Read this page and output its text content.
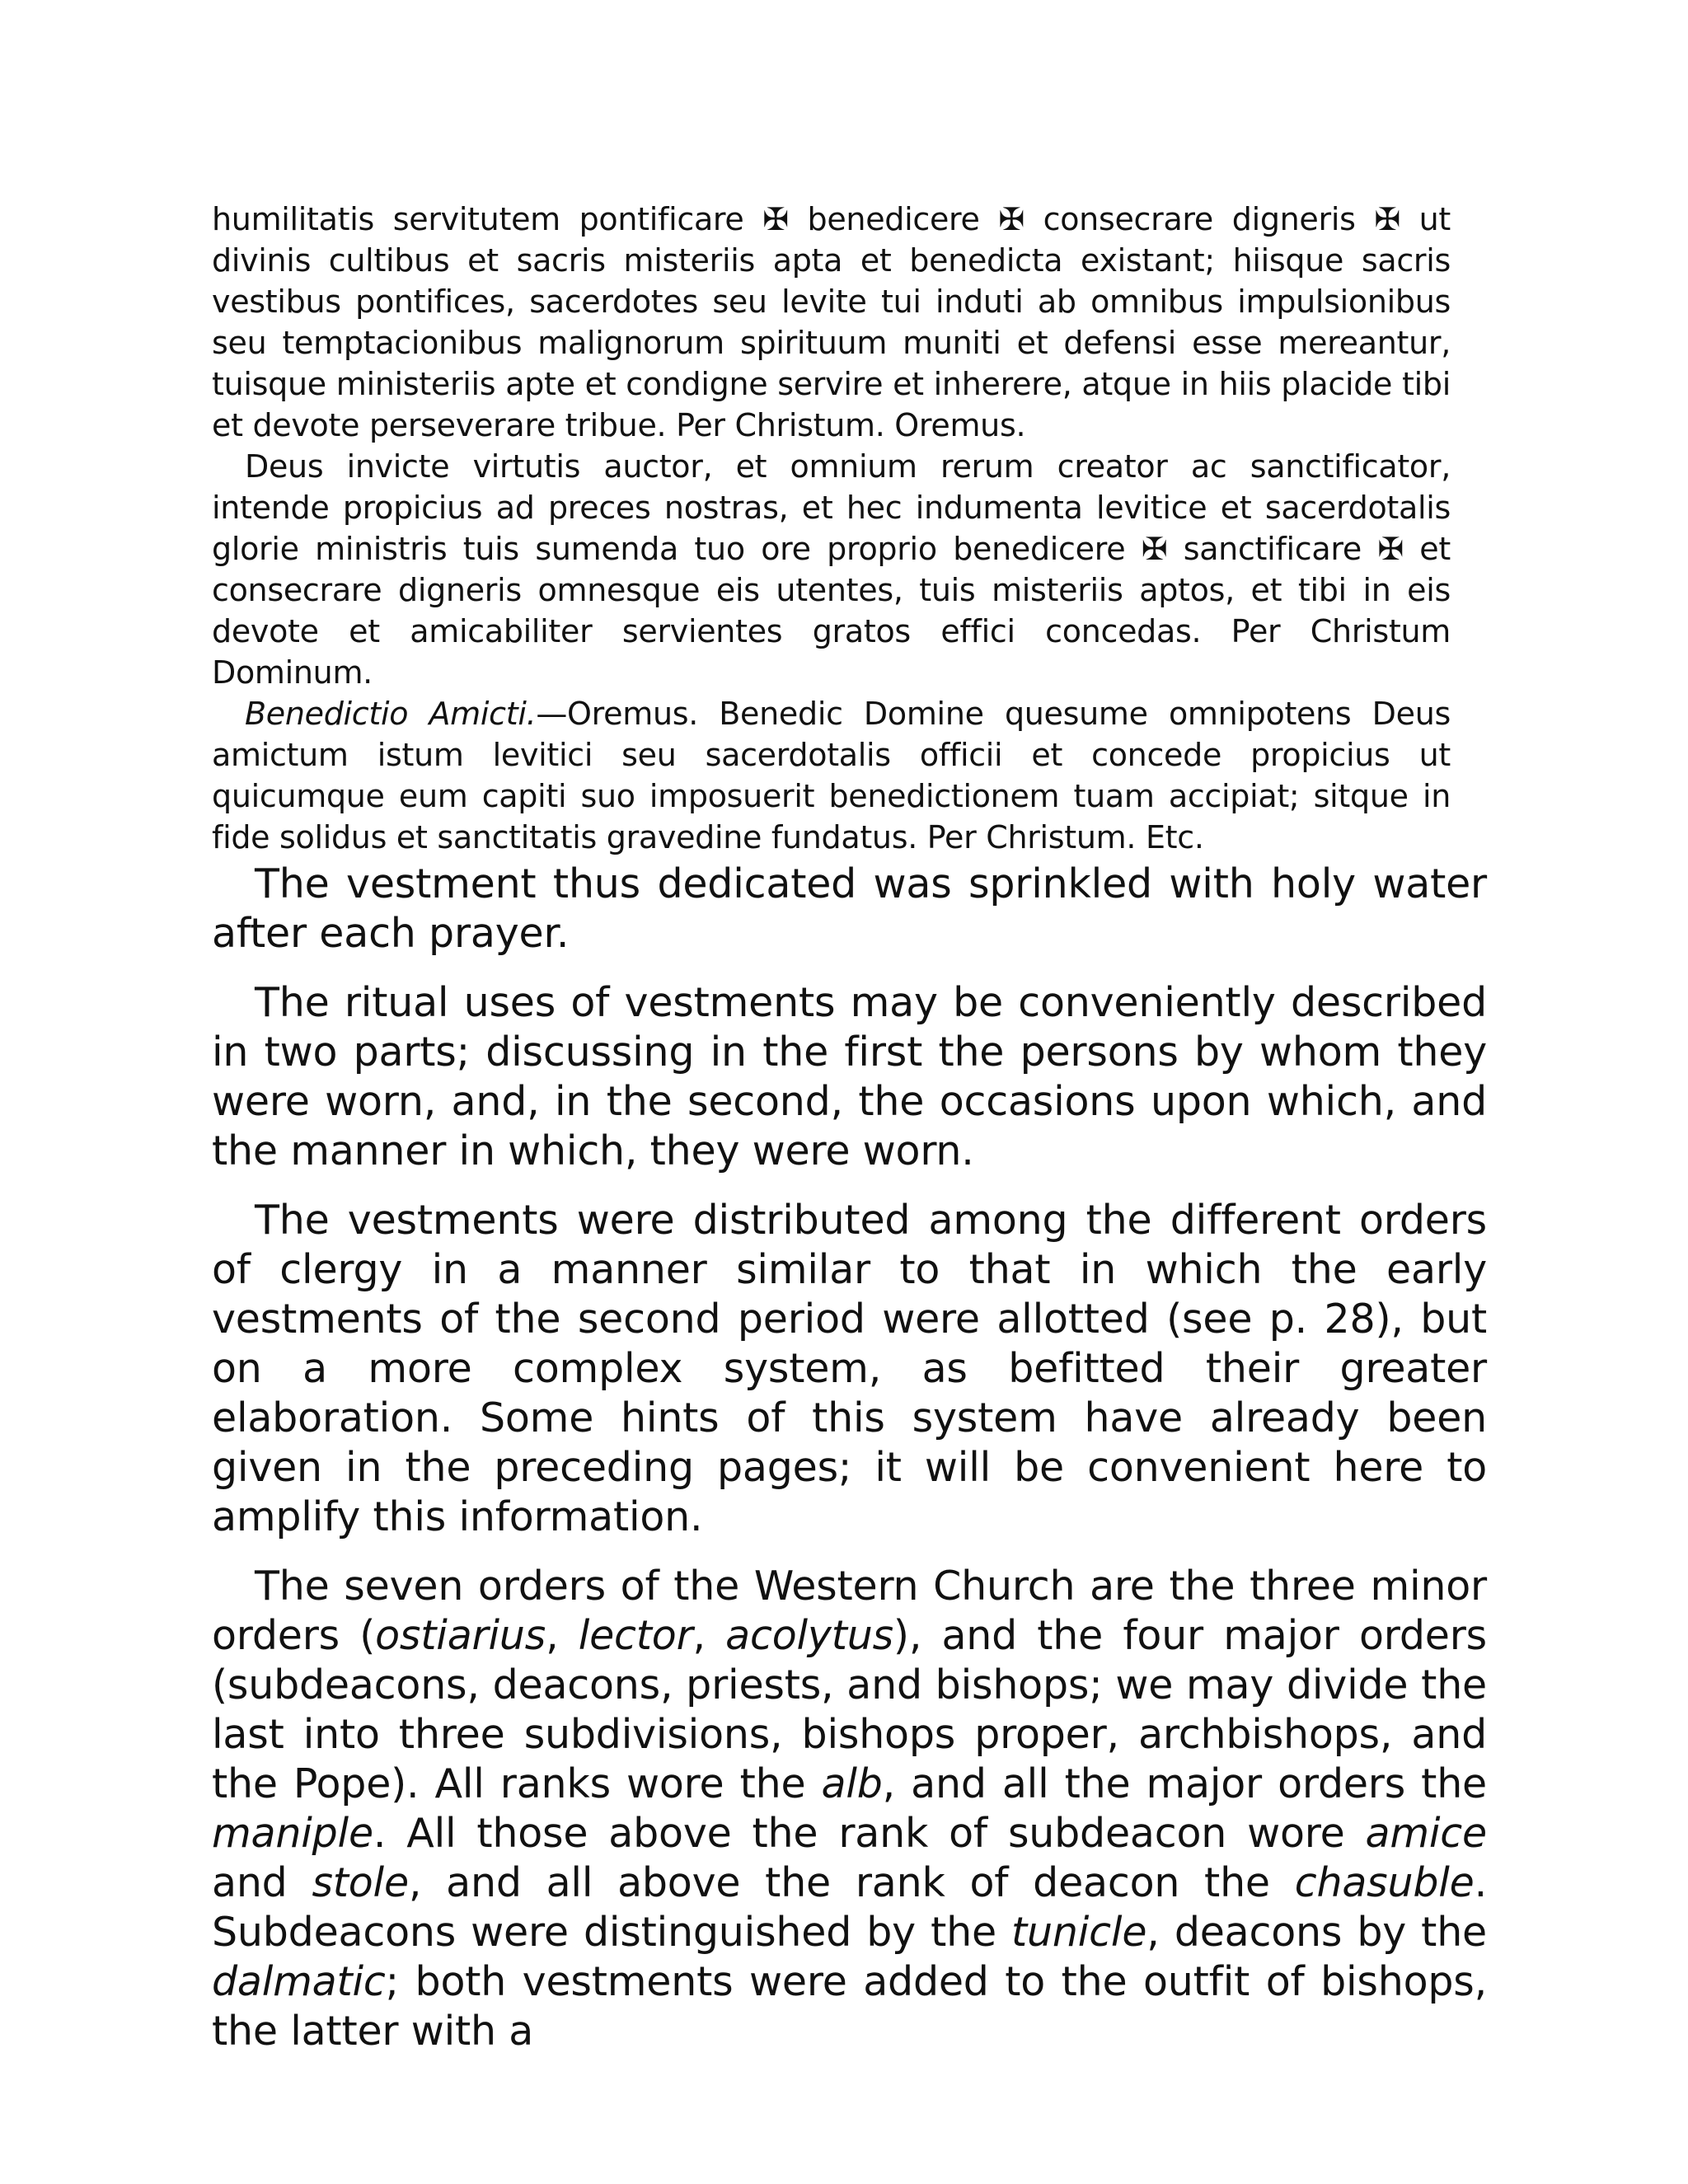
humilitatis servitutem pontificare ✠ benedicere ✠ consecrare digneris ✠ ut divinis cultibus et sacris misteriis apta et benedicta existant; hiisque sacris vestibus pontifices, sacerdotes seu levite tui induti ab omnibus impulsionibus seu temptacionibus malignorum spirituum muniti et defensi esse mereantur, tuisque ministeriis apte et condigne servire et inherere, atque in hiis placide tibi et devote perseverare tribue. Per Christum. Oremus.

Deus invicte virtutis auctor, et omnium rerum creator ac sanctificator, intende propicius ad preces nostras, et hec indumenta levitice et sacerdotalis glorie ministris tuis sumenda tuo ore proprio benedicere ✠ sanctificare ✠ et consecrare digneris omnesque eis utentes, tuis misteriis aptos, et tibi in eis devote et amicabiliter servientes gratos effici concedas. Per Christum Dominum.

Benedictio Amicti.—Oremus. Benedic Domine quesume omnipotens Deus amictum istum levitici seu sacerdotalis officii et concede propicius ut quicumque eum capiti suo imposuerit benedictionem tuam accipiat; sitque in fide solidus et sanctitatis gravedine fundatus. Per Christum. Etc.

The vestment thus dedicated was sprinkled with holy water after each prayer.

The ritual uses of vestments may be conveniently described in two parts; discussing in the first the persons by whom they were worn, and, in the second, the occasions upon which, and the manner in which, they were worn.

The vestments were distributed among the different orders of clergy in a manner similar to that in which the early vestments of the second period were allotted (see p. 28), but on a more complex system, as befitted their greater elaboration. Some hints of this system have already been given in the preceding pages; it will be convenient here to amplify this information.

The seven orders of the Western Church are the three minor orders (ostiarius, lector, acolytus), and the four major orders (subdeacons, deacons, priests, and bishops; we may divide the last into three subdivisions, bishops proper, archbishops, and the Pope). All ranks wore the alb, and all the major orders the maniple. All those above the rank of subdeacon wore amice and stole, and all above the rank of deacon the chasuble. Subdeacons were distinguished by the tunicle, deacons by the dalmatic; both vestments were added to the outfit of bishops, the latter with a
